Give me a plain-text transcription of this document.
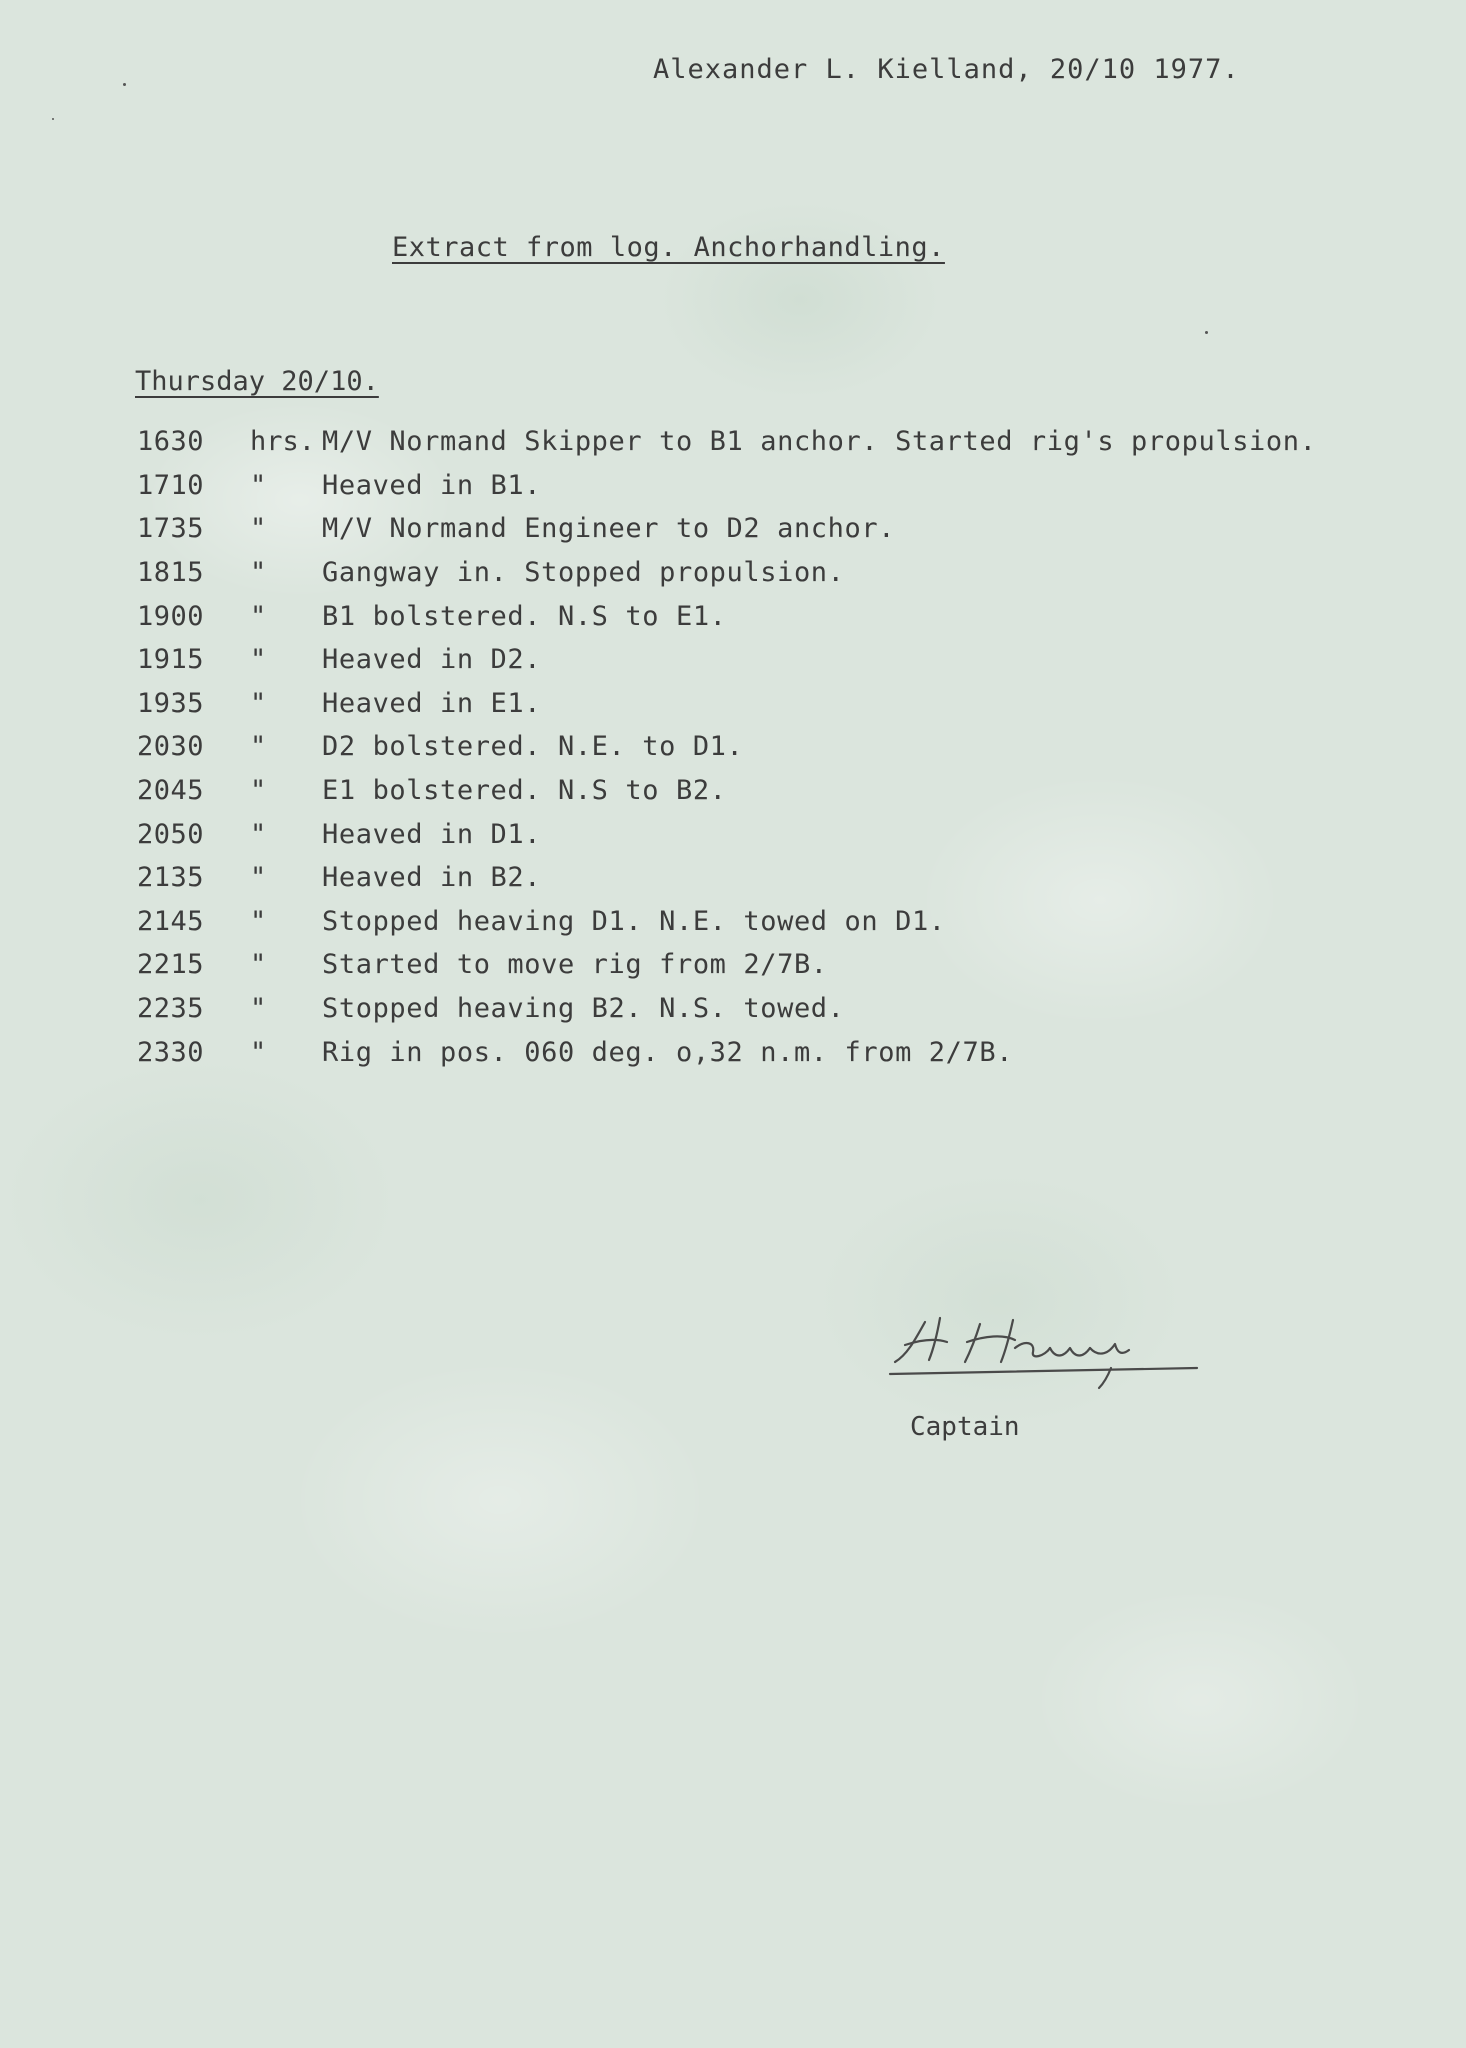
Alexander L. Kielland, 20/10 1977.
Extract from log. Anchorhandling.
Thursday 20/10.
1630	hrs. M/V Normand Skipper to B1 anchor. Started rig's propulsion.
1710	"	Heaved in B1.
1735	"	M/V Normand Engineer to D2 anchor.
1815	"	Gangway in. Stopped propulsion.
1900	"	B1 bolstered. N.S to E1.
1915	"	Heaved in D2.
1935	"	Heaved in E1.
2030	"	D2 bolstered. N.E. to D1.
2045	"	E1 bolstered. N.S to B2.
2050	"	Heaved in D1.
2135	"	Heaved in B2.
2145	"	Stopped heaving D1. N.E. towed on D1.
2215	"	Started to move rig from 2/7B.
2235	"	Stopped heaving B2. N.S. towed.
2330	"	Rig in pos. 060 deg. o,32 n.m. from 2/7B.
Captain
